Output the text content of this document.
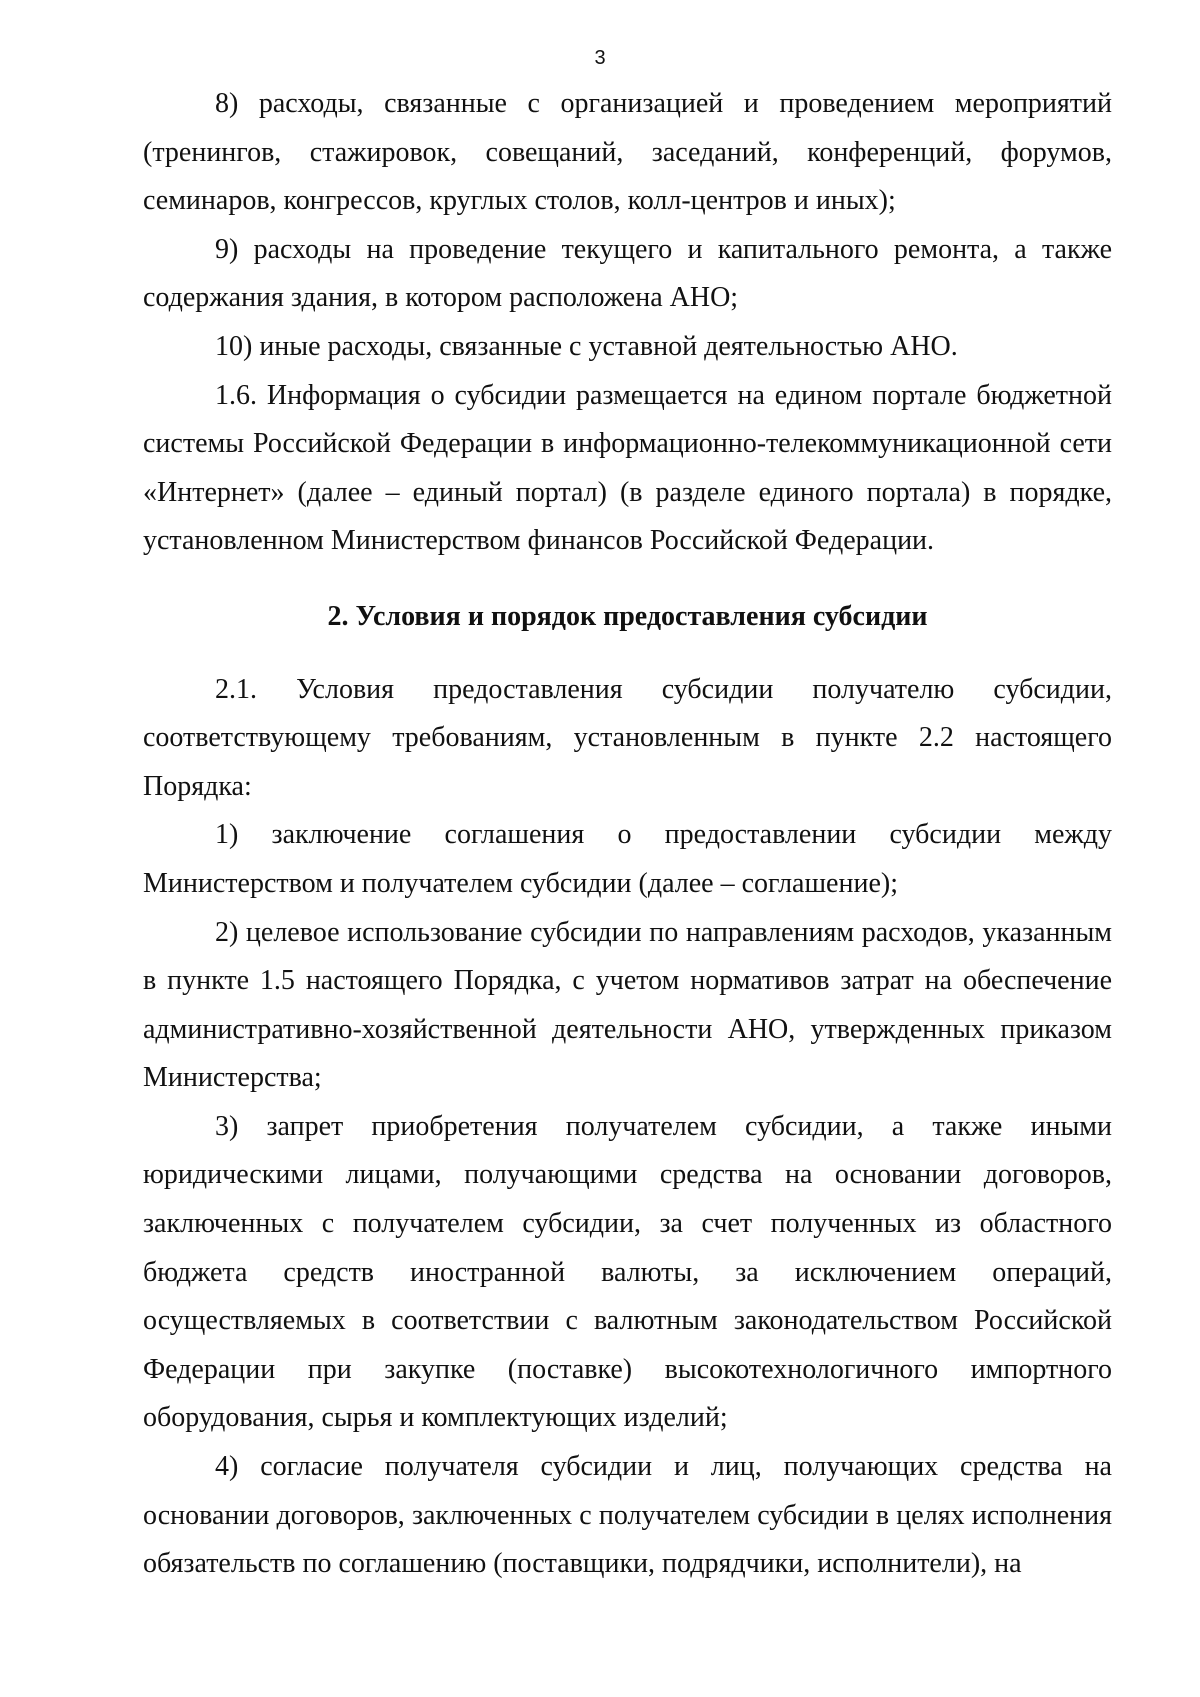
3

8) расходы, связанные с организацией и проведением мероприятий (тренингов, стажировок, совещаний, заседаний, конференций, форумов, семинаров, конгрессов, круглых столов, колл-центров и иных);

9) расходы на проведение текущего и капитального ремонта, а также содержания здания, в котором расположена АНО;

10) иные расходы, связанные с уставной деятельностью АНО.

1.6. Информация о субсидии размещается на едином портале бюджетной системы Российской Федерации в информационно-телекоммуникационной сети «Интернет» (далее – единый портал) (в разделе единого портала) в порядке, установленном Министерством финансов Российской Федерации.

2. Условия и порядок предоставления субсидии

2.1. Условия предоставления субсидии получателю субсидии, соответствующему требованиям, установленным в пункте 2.2 настоящего Порядка:

1) заключение соглашения о предоставлении субсидии между Министерством и получателем субсидии (далее – соглашение);

2) целевое использование субсидии по направлениям расходов, указанным в пункте 1.5 настоящего Порядка, с учетом нормативов затрат на обеспечение административно-хозяйственной деятельности АНО, утвержденных приказом Министерства;

3) запрет приобретения получателем субсидии, а также иными юридическими лицами, получающими средства на основании договоров, заключенных с получателем субсидии, за счет полученных из областного бюджета средств иностранной валюты, за исключением операций, осуществляемых в соответствии с валютным законодательством Российской Федерации при закупке (поставке) высокотехнологичного импортного оборудования, сырья и комплектующих изделий;

4) согласие получателя субсидии и лиц, получающих средства на основании договоров, заключенных с получателем субсидии в целях исполнения обязательств по соглашению (поставщики, подрядчики, исполнители), на
